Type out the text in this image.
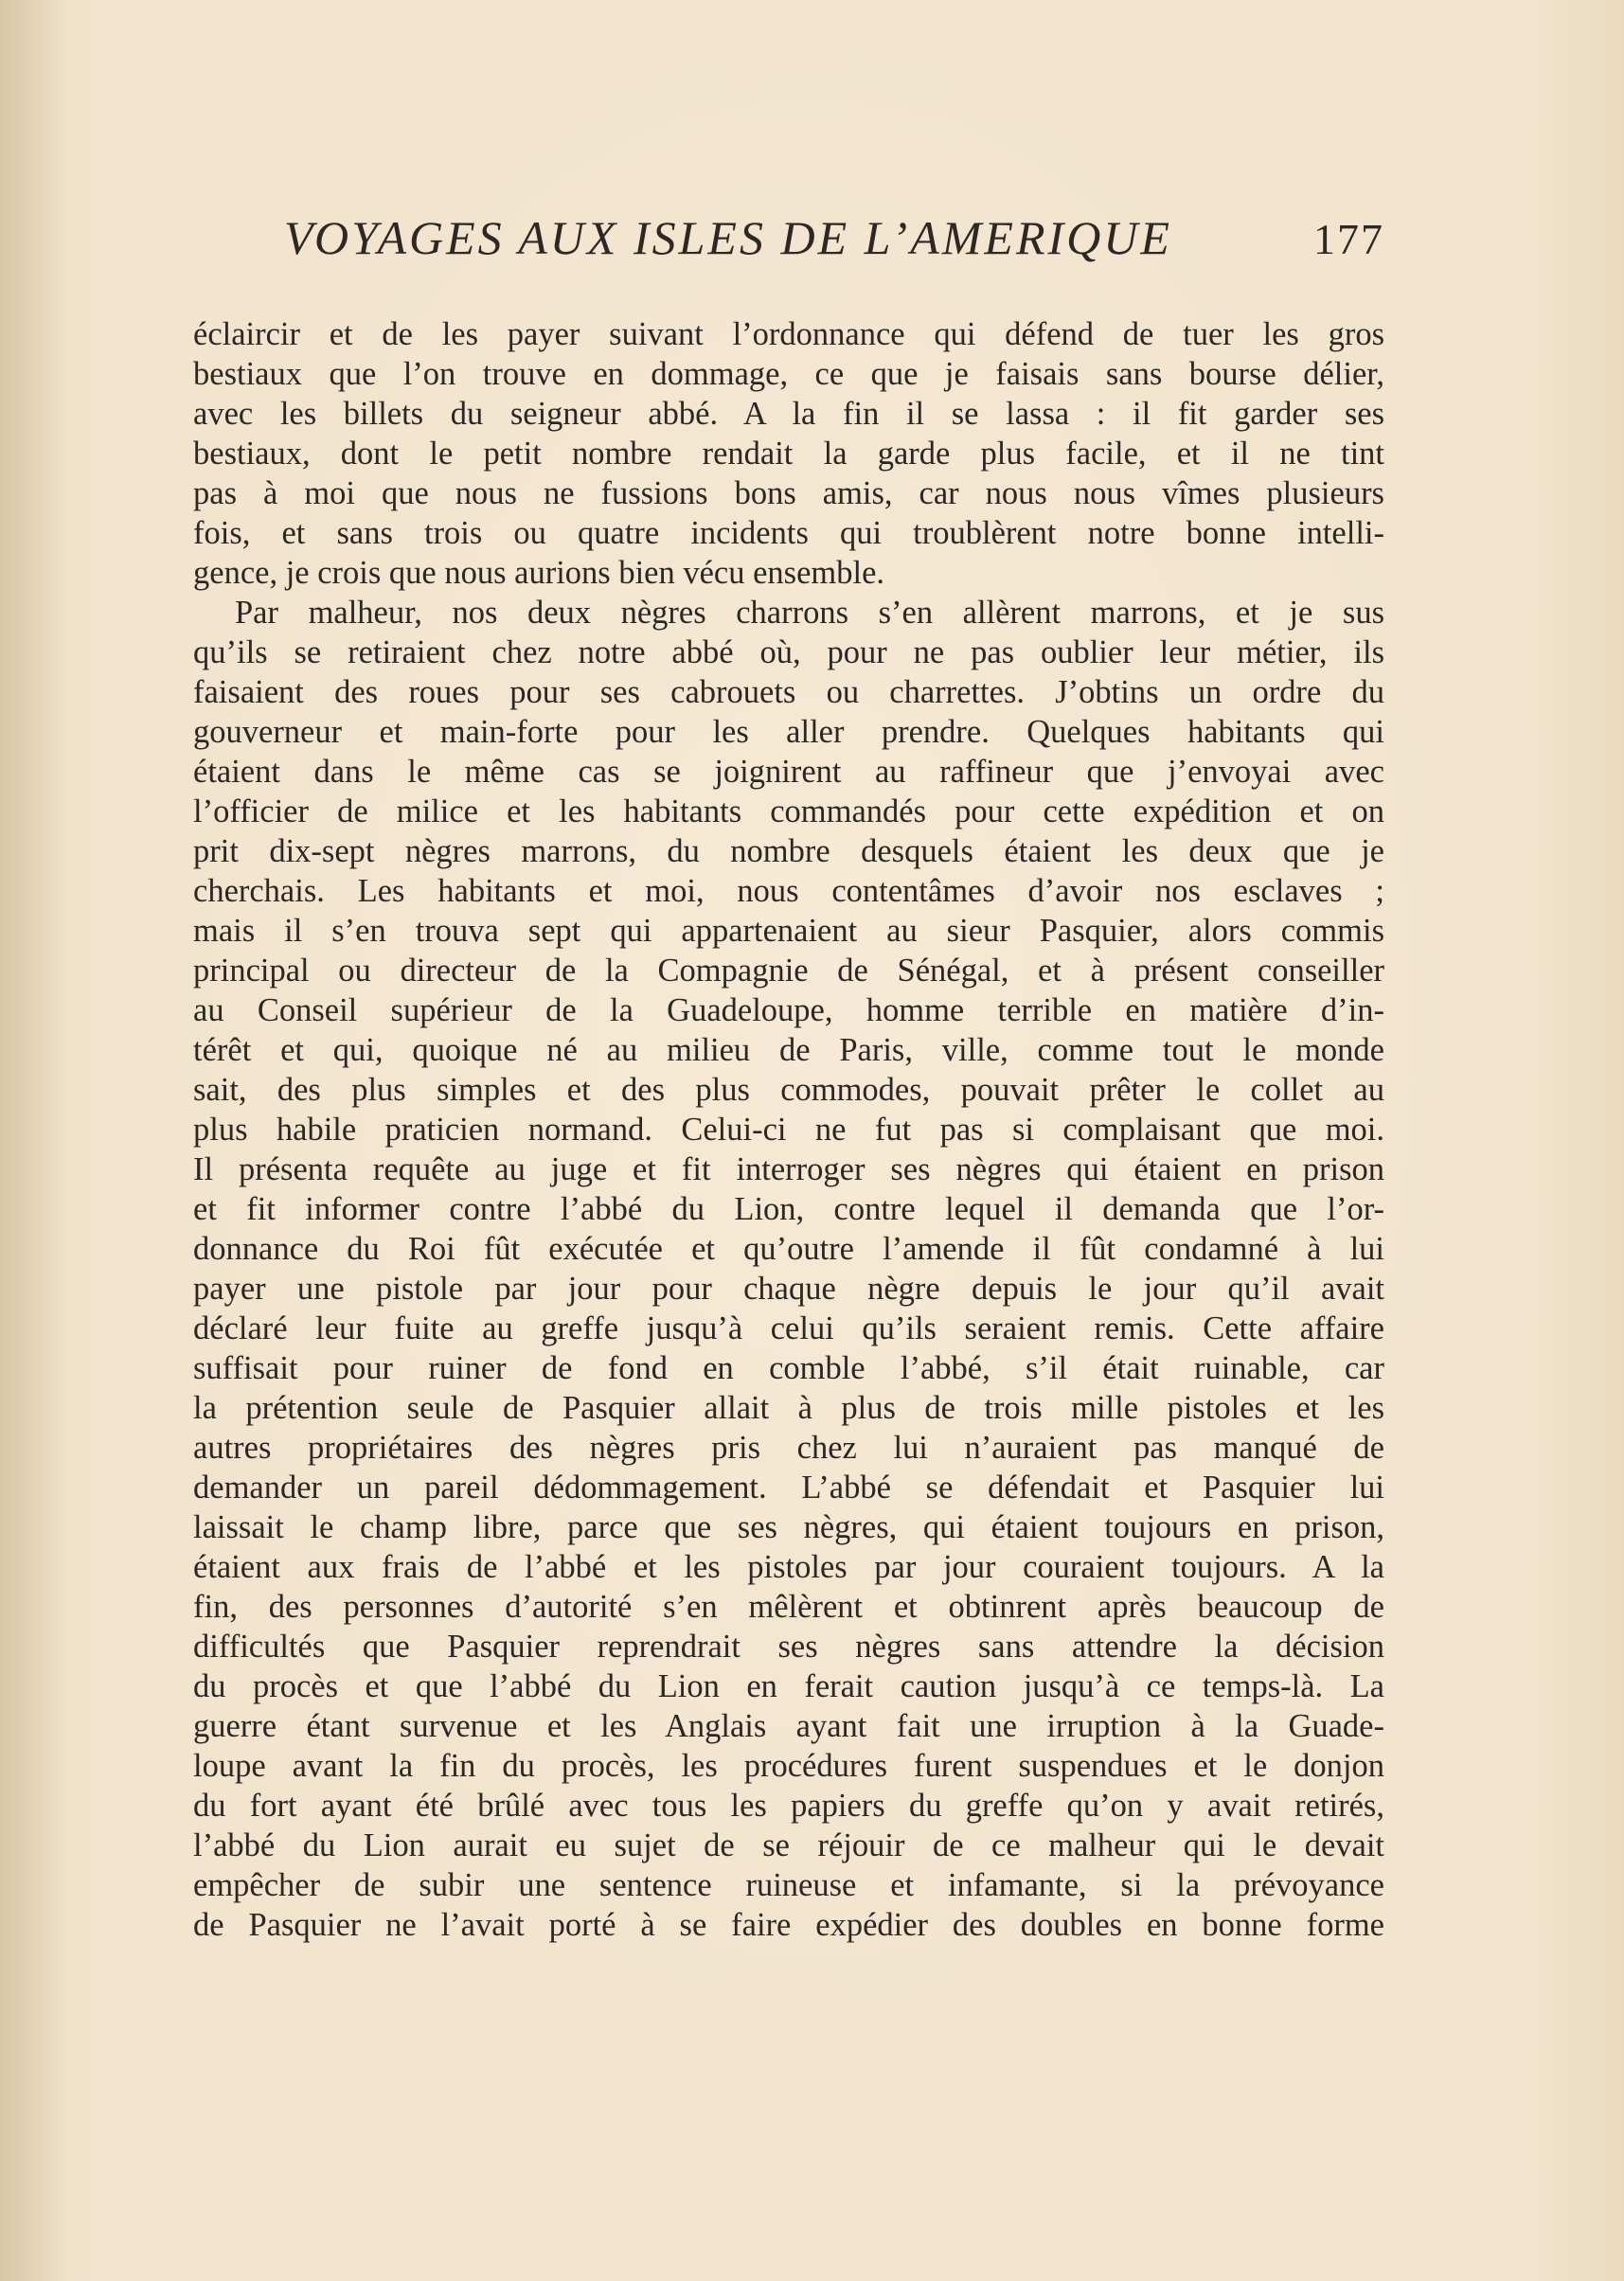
VOYAGES AUX ISLES DE L’AMERIQUE	177
éclaircir et de les payer suivant l’ordonnance qui défend de tuer les gros
bestiaux que l’on trouve en dommage, ce que je faisais sans bourse délier,
avec les billets du seigneur abbé. A la fin il se lassa : il fit garder ses
bestiaux, dont le petit nombre rendait la garde plus facile, et il ne tint
pas à moi que nous ne fussions bons amis, car nous nous vîmes plusieurs
fois, et sans trois ou quatre incidents qui troublèrent notre bonne intelli-
gence, je crois que nous aurions bien vécu ensemble.
Par malheur, nos deux nègres charrons s’en allèrent marrons, et je sus
qu’ils se retiraient chez notre abbé où, pour ne pas oublier leur métier, ils
faisaient des roues pour ses cabrouets ou charrettes. J’obtins un ordre du
gouverneur et main-forte pour les aller prendre. Quelques habitants qui
étaient dans le même cas se joignirent au raffineur que j’envoyai avec
l’officier de milice et les habitants commandés pour cette expédition et on
prit dix-sept nègres marrons, du nombre desquels étaient les deux que je
cherchais. Les habitants et moi, nous contentâmes d’avoir nos esclaves ;
mais il s’en trouva sept qui appartenaient au sieur Pasquier, alors commis
principal ou directeur de la Compagnie de Sénégal, et à présent conseiller
au Conseil supérieur de la Guadeloupe, homme terrible en matière d’in-
térêt et qui, quoique né au milieu de Paris, ville, comme tout le monde
sait, des plus simples et des plus commodes, pouvait prêter le collet au
plus habile praticien normand. Celui-ci ne fut pas si complaisant que moi.
Il présenta requête au juge et fit interroger ses nègres qui étaient en prison
et fit informer contre l’abbé du Lion, contre lequel il demanda que l’or-
donnance du Roi fût exécutée et qu’outre l’amende il fût condamné à lui
payer une pistole par jour pour chaque nègre depuis le jour qu’il avait
déclaré leur fuite au greffe jusqu’à celui qu’ils seraient remis. Cette affaire
suffisait pour ruiner de fond en comble l’abbé, s’il était ruinable, car
la prétention seule de Pasquier allait à plus de trois mille pistoles et les
autres propriétaires des nègres pris chez lui n’auraient pas manqué de
demander un pareil dédommagement. L’abbé se défendait et Pasquier lui
laissait le champ libre, parce que ses nègres, qui étaient toujours en prison,
étaient aux frais de l’abbé et les pistoles par jour couraient toujours. A la
fin, des personnes d’autorité s’en mêlèrent et obtinrent après beaucoup de
difficultés que Pasquier reprendrait ses nègres sans attendre la décision
du procès et que l’abbé du Lion en ferait caution jusqu’à ce temps-là. La
guerre étant survenue et les Anglais ayant fait une irruption à la Guade-
loupe avant la fin du procès, les procédures furent suspendues et le donjon
du fort ayant été brûlé avec tous les papiers du greffe qu’on y avait retirés,
l’abbé du Lion aurait eu sujet de se réjouir de ce malheur qui le devait
empêcher de subir une sentence ruineuse et infamante, si la prévoyance
de Pasquier ne l’avait porté à se faire expédier des doubles en bonne forme
